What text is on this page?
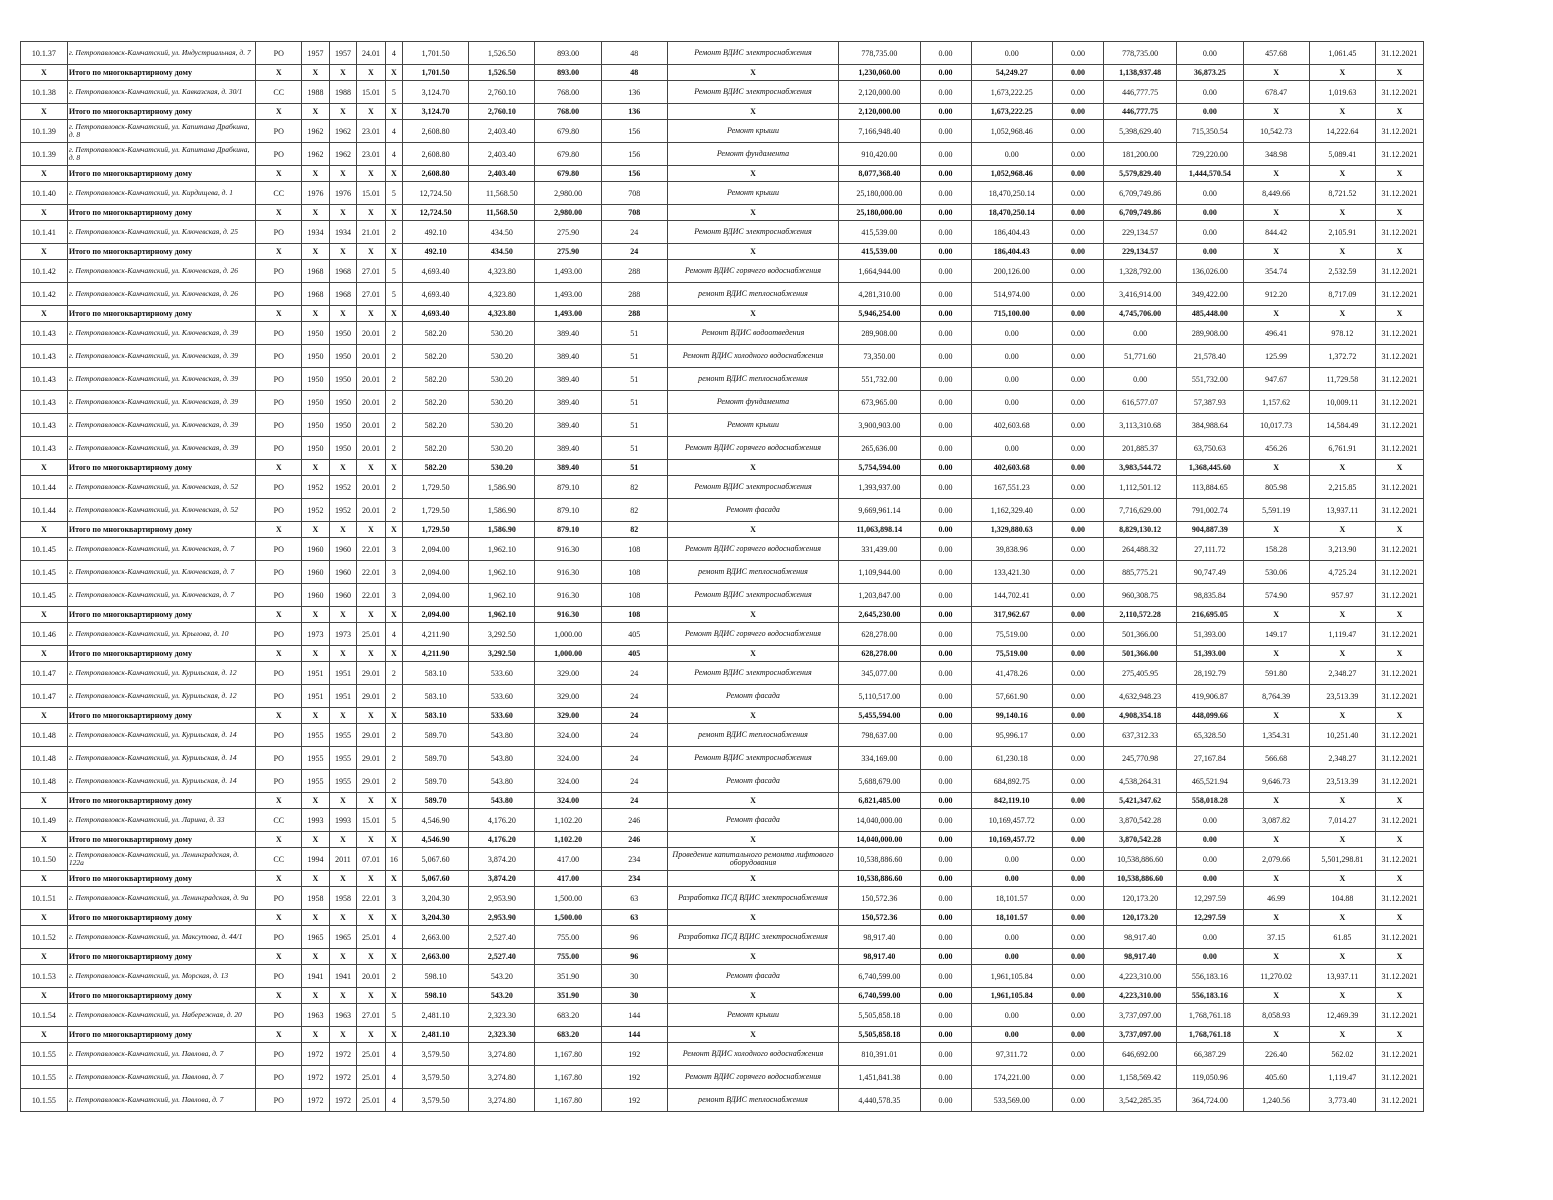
10.1.37	г. Петропавловск-Камчатский, ул. Индустриальная, д. 7	РО	1957	1957	24.01	4	1,701.50	1,526.50	893.00	48	Ремонт ВДИС электроснабжения	778,735.00	0.00	0.00	0.00	778,735.00	0.00	457.68	1,061.45	31.12.2021
X	Итого по многоквартирному дому	X	X	X	X	X	1,701.50	1,526.50	893.00	48	X	1,230,060.00	0.00	54,249.27	0.00	1,138,937.48	36,873.25	X	X	X
10.1.38	г. Петропавловск-Камчатский, ул. Кавказская, д. 30/1	СС	1988	1988	15.01	5	3,124.70	2,760.10	768.00	136	Ремонт ВДИС электроснабжения	2,120,000.00	0.00	1,673,222.25	0.00	446,777.75	0.00	678.47	1,019.63	31.12.2021
X	Итого по многоквартирному дому	X	X	X	X	X	3,124.70	2,760.10	768.00	136	X	2,120,000.00	0.00	1,673,222.25	0.00	446,777.75	0.00	X	X	X
10.1.39	г. Петропавловск-Камчатский, ул. Капитана Драбкина, д. 8	РО	1962	1962	23.01	4	2,608.80	2,403.40	679.80	156	Ремонт крыши	7,166,948.40	0.00	1,052,968.46	0.00	5,398,629.40	715,350.54	10,542.73	14,222.64	31.12.2021
10.1.39	г. Петропавловск-Камчатский, ул. Капитана Драбкина, д. 8	РО	1962	1962	23.01	4	2,608.80	2,403.40	679.80	156	Ремонт фундамента	910,420.00	0.00	0.00	0.00	181,200.00	729,220.00	348.98	5,089.41	31.12.2021
X	Итого по многоквартирному дому	X	X	X	X	X	2,608.80	2,403.40	679.80	156	X	8,077,368.40	0.00	1,052,968.46	0.00	5,579,829.40	1,444,570.54	X	X	X
10.1.40	г. Петропавловск-Камчатский, ул. Кирдищева, д. 1	СС	1976	1976	15.01	5	12,724.50	11,568.50	2,980.00	708	Ремонт крыши	25,180,000.00	0.00	18,470,250.14	0.00	6,709,749.86	0.00	8,449.66	8,721.52	31.12.2021
X	Итого по многоквартирному дому	X	X	X	X	X	12,724.50	11,568.50	2,980.00	708	X	25,180,000.00	0.00	18,470,250.14	0.00	6,709,749.86	0.00	X	X	X
10.1.41	г. Петропавловск-Камчатский, ул. Ключевская, д. 25	РО	1934	1934	21.01	2	492.10	434.50	275.90	24	Ремонт ВДИС электроснабжения	415,539.00	0.00	186,404.43	0.00	229,134.57	0.00	844.42	2,105.91	31.12.2021
X	Итого по многоквартирному дому	X	X	X	X	X	492.10	434.50	275.90	24	X	415,539.00	0.00	186,404.43	0.00	229,134.57	0.00	X	X	X
10.1.42	г. Петропавловск-Камчатский, ул. Ключевская, д. 26	РО	1968	1968	27.01	5	4,693.40	4,323.80	1,493.00	288	Ремонт ВДИС горячего водоснабжения	1,664,944.00	0.00	200,126.00	0.00	1,328,792.00	136,026.00	354.74	2,532.59	31.12.2021
10.1.42	г. Петропавловск-Камчатский, ул. Ключевская, д. 26	РО	1968	1968	27.01	5	4,693.40	4,323.80	1,493.00	288	ремонт ВДИС теплоснабжения	4,281,310.00	0.00	514,974.00	0.00	3,416,914.00	349,422.00	912.20	8,717.09	31.12.2021
X	Итого по многоквартирному дому	X	X	X	X	X	4,693.40	4,323.80	1,493.00	288	X	5,946,254.00	0.00	715,100.00	0.00	4,745,706.00	485,448.00	X	X	X
10.1.43	г. Петропавловск-Камчатский, ул. Ключевская, д. 39	РО	1950	1950	20.01	2	582.20	530.20	389.40	51	Ремонт ВДИС водоотведения	289,908.00	0.00	0.00	0.00	0.00	289,908.00	496.41	978.12	31.12.2021
10.1.43	г. Петропавловск-Камчатский, ул. Ключевская, д. 39	РО	1950	1950	20.01	2	582.20	530.20	389.40	51	Ремонт ВДИС холодного водоснабжения	73,350.00	0.00	0.00	0.00	51,771.60	21,578.40	125.99	1,372.72	31.12.2021
10.1.43	г. Петропавловск-Камчатский, ул. Ключевская, д. 39	РО	1950	1950	20.01	2	582.20	530.20	389.40	51	ремонт ВДИС теплоснабжения	551,732.00	0.00	0.00	0.00	0.00	551,732.00	947.67	11,729.58	31.12.2021
10.1.43	г. Петропавловск-Камчатский, ул. Ключевская, д. 39	РО	1950	1950	20.01	2	582.20	530.20	389.40	51	Ремонт фундамента	673,965.00	0.00	0.00	0.00	616,577.07	57,387.93	1,157.62	10,009.11	31.12.2021
10.1.43	г. Петропавловск-Камчатский, ул. Ключевская, д. 39	РО	1950	1950	20.01	2	582.20	530.20	389.40	51	Ремонт крыши	3,900,903.00	0.00	402,603.68	0.00	3,113,310.68	384,988.64	10,017.73	14,584.49	31.12.2021
10.1.43	г. Петропавловск-Камчатский, ул. Ключевская, д. 39	РО	1950	1950	20.01	2	582.20	530.20	389.40	51	Ремонт ВДИС горячего водоснабжения	265,636.00	0.00	0.00	0.00	201,885.37	63,750.63	456.26	6,761.91	31.12.2021
X	Итого по многоквартирному дому	X	X	X	X	X	582.20	530.20	389.40	51	X	5,754,594.00	0.00	402,603.68	0.00	3,983,544.72	1,368,445.60	X	X	X
10.1.44	г. Петропавловск-Камчатский, ул. Ключевская, д. 52	РО	1952	1952	20.01	2	1,729.50	1,586.90	879.10	82	Ремонт ВДИС электроснабжения	1,393,937.00	0.00	167,551.23	0.00	1,112,501.12	113,884.65	805.98	2,215.85	31.12.2021
10.1.44	г. Петропавловск-Камчатский, ул. Ключевская, д. 52	РО	1952	1952	20.01	2	1,729.50	1,586.90	879.10	82	Ремонт фасада	9,669,961.14	0.00	1,162,329.40	0.00	7,716,629.00	791,002.74	5,591.19	13,937.11	31.12.2021
X	Итого по многоквартирному дому	X	X	X	X	X	1,729.50	1,586.90	879.10	82	X	11,063,898.14	0.00	1,329,880.63	0.00	8,829,130.12	904,887.39	X	X	X
10.1.45	г. Петропавловск-Камчатский, ул. Ключевская, д. 7	РО	1960	1960	22.01	3	2,094.00	1,962.10	916.30	108	Ремонт ВДИС горячего водоснабжения	331,439.00	0.00	39,838.96	0.00	264,488.32	27,111.72	158.28	3,213.90	31.12.2021
10.1.45	г. Петропавловск-Камчатский, ул. Ключевская, д. 7	РО	1960	1960	22.01	3	2,094.00	1,962.10	916.30	108	ремонт ВДИС теплоснабжения	1,109,944.00	0.00	133,421.30	0.00	885,775.21	90,747.49	530.06	4,725.24	31.12.2021
10.1.45	г. Петропавловск-Камчатский, ул. Ключевская, д. 7	РО	1960	1960	22.01	3	2,094.00	1,962.10	916.30	108	Ремонт ВДИС электроснабжения	1,203,847.00	0.00	144,702.41	0.00	960,308.75	98,835.84	574.90	957.97	31.12.2021
X	Итого по многоквартирному дому	X	X	X	X	X	2,094.00	1,962.10	916.30	108	X	2,645,230.00	0.00	317,962.67	0.00	2,110,572.28	216,695.05	X	X	X
10.1.46	г. Петропавловск-Камчатский, ул. Крылова, д. 10	РО	1973	1973	25.01	4	4,211.90	3,292.50	1,000.00	405	Ремонт ВДИС горячего водоснабжения	628,278.00	0.00	75,519.00	0.00	501,366.00	51,393.00	149.17	1,119.47	31.12.2021
X	Итого по многоквартирному дому	X	X	X	X	X	4,211.90	3,292.50	1,000.00	405	X	628,278.00	0.00	75,519.00	0.00	501,366.00	51,393.00	X	X	X
10.1.47	г. Петропавловск-Камчатский, ул. Курильская, д. 12	РО	1951	1951	29.01	2	583.10	533.60	329.00	24	Ремонт ВДИС электроснабжения	345,077.00	0.00	41,478.26	0.00	275,405.95	28,192.79	591.80	2,348.27	31.12.2021
10.1.47	г. Петропавловск-Камчатский, ул. Курильская, д. 12	РО	1951	1951	29.01	2	583.10	533.60	329.00	24	Ремонт фасада	5,110,517.00	0.00	57,661.90	0.00	4,632,948.23	419,906.87	8,764.39	23,513.39	31.12.2021
X	Итого по многоквартирному дому	X	X	X	X	X	583.10	533.60	329.00	24	X	5,455,594.00	0.00	99,140.16	0.00	4,908,354.18	448,099.66	X	X	X
10.1.48	г. Петропавловск-Камчатский, ул. Курильская, д. 14	РО	1955	1955	29.01	2	589.70	543.80	324.00	24	ремонт ВДИС теплоснабжения	798,637.00	0.00	95,996.17	0.00	637,312.33	65,328.50	1,354.31	10,251.40	31.12.2021
10.1.48	г. Петропавловск-Камчатский, ул. Курильская, д. 14	РО	1955	1955	29.01	2	589.70	543.80	324.00	24	Ремонт ВДИС электроснабжения	334,169.00	0.00	61,230.18	0.00	245,770.98	27,167.84	566.68	2,348.27	31.12.2021
10.1.48	г. Петропавловск-Камчатский, ул. Курильская, д. 14	РО	1955	1955	29.01	2	589.70	543.80	324.00	24	Ремонт фасада	5,688,679.00	0.00	684,892.75	0.00	4,538,264.31	465,521.94	9,646.73	23,513.39	31.12.2021
X	Итого по многоквартирному дому	X	X	X	X	X	589.70	543.80	324.00	24	X	6,821,485.00	0.00	842,119.10	0.00	5,421,347.62	558,018.28	X	X	X
10.1.49	г. Петропавловск-Камчатский, ул. Ларина, д. 33	СС	1993	1993	15.01	5	4,546.90	4,176.20	1,102.20	246	Ремонт фасада	14,040,000.00	0.00	10,169,457.72	0.00	3,870,542.28	0.00	3,087.82	7,014.27	31.12.2021
X	Итого по многоквартирному дому	X	X	X	X	X	4,546.90	4,176.20	1,102.20	246	X	14,040,000.00	0.00	10,169,457.72	0.00	3,870,542.28	0.00	X	X	X
10.1.50	г. Петропавловск-Камчатский, ул. Ленинградская, д. 122а	СС	1994	2011	07.01	16	5,067.60	3,874.20	417.00	234	Проведение капитального ремонта лифтового оборудования	10,538,886.60	0.00	0.00	0.00	10,538,886.60	0.00	2,079.66	5,501,298.81	31.12.2021
X	Итого по многоквартирному дому	X	X	X	X	X	5,067.60	3,874.20	417.00	234	X	10,538,886.60	0.00	0.00	0.00	10,538,886.60	0.00	X	X	X
10.1.51	г. Петропавловск-Камчатский, ул. Ленинградская, д. 9а	РО	1958	1958	22.01	3	3,204.30	2,953.90	1,500.00	63	Разработка ПСД ВДИС электроснабжения	150,572.36	0.00	18,101.57	0.00	120,173.20	12,297.59	46.99	104.88	31.12.2021
X	Итого по многоквартирному дому	X	X	X	X	X	3,204.30	2,953.90	1,500.00	63	X	150,572.36	0.00	18,101.57	0.00	120,173.20	12,297.59	X	X	X
10.1.52	г. Петропавловск-Камчатский, ул. Максутова, д. 44/1	РО	1965	1965	25.01	4	2,663.00	2,527.40	755.00	96	Разработка ПСД ВДИС электроснабжения	98,917.40	0.00	0.00	0.00	98,917.40	0.00	37.15	61.85	31.12.2021
X	Итого по многоквартирному дому	X	X	X	X	X	2,663.00	2,527.40	755.00	96	X	98,917.40	0.00	0.00	0.00	98,917.40	0.00	X	X	X
10.1.53	г. Петропавловск-Камчатский, ул. Морская, д. 13	РО	1941	1941	20.01	2	598.10	543.20	351.90	30	Ремонт фасада	6,740,599.00	0.00	1,961,105.84	0.00	4,223,310.00	556,183.16	11,270.02	13,937.11	31.12.2021
X	Итого по многоквартирному дому	X	X	X	X	X	598.10	543.20	351.90	30	X	6,740,599.00	0.00	1,961,105.84	0.00	4,223,310.00	556,183.16	X	X	X
10.1.54	г. Петропавловск-Камчатский, ул. Набережная, д. 20	РО	1963	1963	27.01	5	2,481.10	2,323.30	683.20	144	Ремонт крыши	5,505,858.18	0.00	0.00	0.00	3,737,097.00	1,768,761.18	8,058.93	12,469.39	31.12.2021
X	Итого по многоквартирному дому	X	X	X	X	X	2,481.10	2,323.30	683.20	144	X	5,505,858.18	0.00	0.00	0.00	3,737,097.00	1,768,761.18	X	X	X
10.1.55	г. Петропавловск-Камчатский, ул. Павлова, д. 7	РО	1972	1972	25.01	4	3,579.50	3,274.80	1,167.80	192	Ремонт ВДИС холодного водоснабжения	810,391.01	0.00	97,311.72	0.00	646,692.00	66,387.29	226.40	562.02	31.12.2021
10.1.55	г. Петропавловск-Камчатский, ул. Павлова, д. 7	РО	1972	1972	25.01	4	3,579.50	3,274.80	1,167.80	192	Ремонт ВДИС горячего водоснабжения	1,451,841.38	0.00	174,221.00	0.00	1,158,569.42	119,050.96	405.60	1,119.47	31.12.2021
10.1.55	г. Петропавловск-Камчатский, ул. Павлова, д. 7	РО	1972	1972	25.01	4	3,579.50	3,274.80	1,167.80	192	ремонт ВДИС теплоснабжения	4,440,578.35	0.00	533,569.00	0.00	3,542,285.35	364,724.00	1,240.56	3,773.40	31.12.2021
